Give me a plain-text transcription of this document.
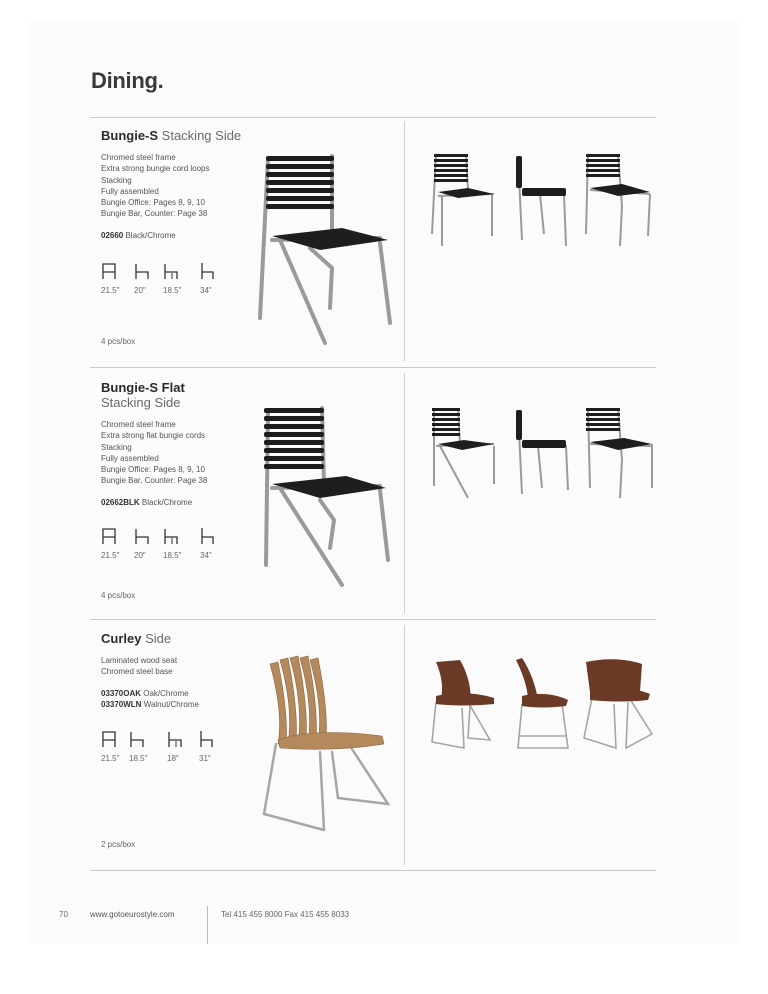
Dining.

Bungie-S Stacking Side

Chromed steel frame
Extra strong bungie cord loops
Stacking
Fully assembled
Bungie Office: Pages 8, 9, 10
Bungie Bar, Counter: Page 38
02660 Black/Chrome
21.5" 20"	18.5" 34"
4 pcs/box

Bungie-S Flat
Stacking Side

Chromed steel frame
Extra strong flat bungie cords
Stacking
Fully assembled
Bungie Office: Pages 8, 9, 10
Bungie Bar, Counter: Page 38
02662BLK Black/Chrome
21.5" 20"	18.5" 34"
4 pcs/box

Curley Side

Laminated wood seat
Chromed steel base
03370OAK Oak/Chrome
03370WLN Walnut/Chrome
21.5" 18.5" 18"	31"
2 pcs/box
70	www.gotoeurostyle.com	Tel 415 455 8000 Fax 415 455 8033
